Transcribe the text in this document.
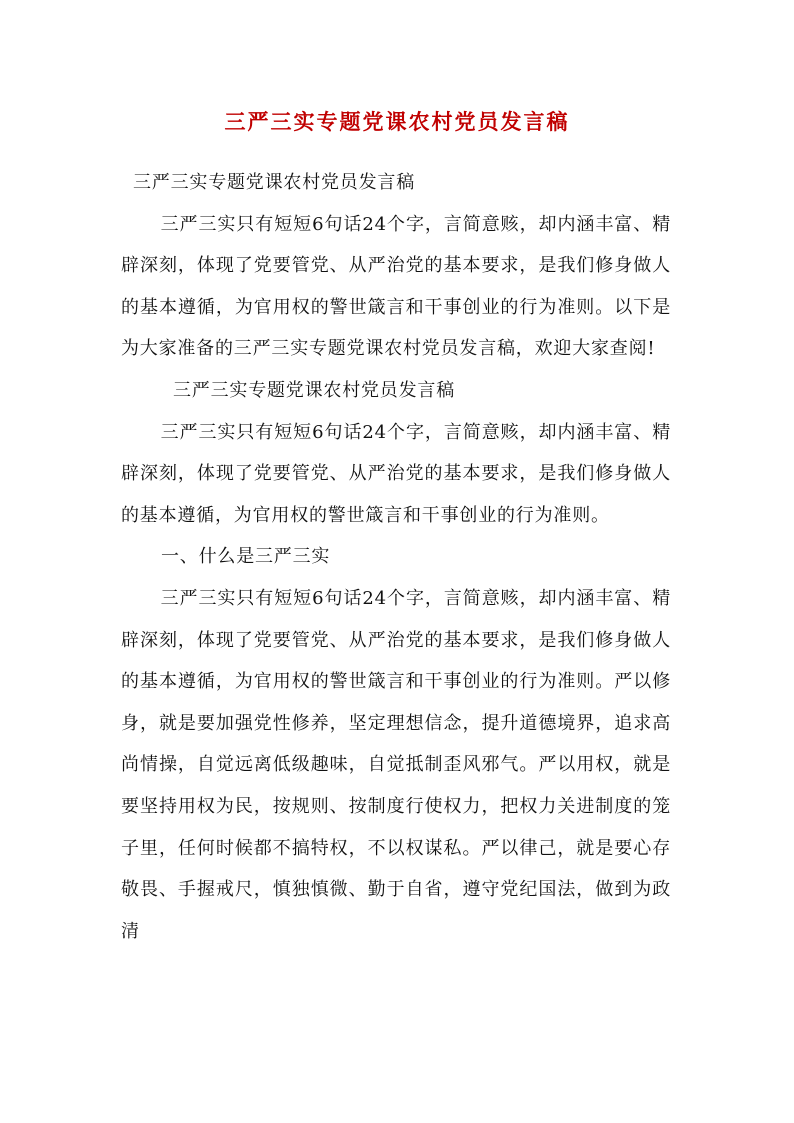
三严三实专题党课农村党员发言稿

三严三实专题党课农村党员发言稿

三严三实只有短短6句话24个字，言简意赅，却内涵丰富、精辟深刻，体现了党要管党、从严治党的基本要求，是我们修身做人的基本遵循，为官用权的警世箴言和干事创业的行为准则。以下是为大家准备的三严三实专题党课农村党员发言稿，欢迎大家查阅!

三严三实专题党课农村党员发言稿

三严三实只有短短6句话24个字，言简意赅，却内涵丰富、精辟深刻，体现了党要管党、从严治党的基本要求，是我们修身做人的基本遵循，为官用权的警世箴言和干事创业的行为准则。

一、什么是三严三实

三严三实只有短短6句话24个字，言简意赅，却内涵丰富、精辟深刻，体现了党要管党、从严治党的基本要求，是我们修身做人的基本遵循，为官用权的警世箴言和干事创业的行为准则。严以修身，就是要加强党性修养，坚定理想信念，提升道德境界，追求高尚情操，自觉远离低级趣味，自觉抵制歪风邪气。严以用权，就是要坚持用权为民，按规则、按制度行使权力，把权力关进制度的笼子里，任何时候都不搞特权，不以权谋私。严以律己，就是要心存敬畏、手握戒尺，慎独慎微、勤于自省，遵守党纪国法，做到为政清
